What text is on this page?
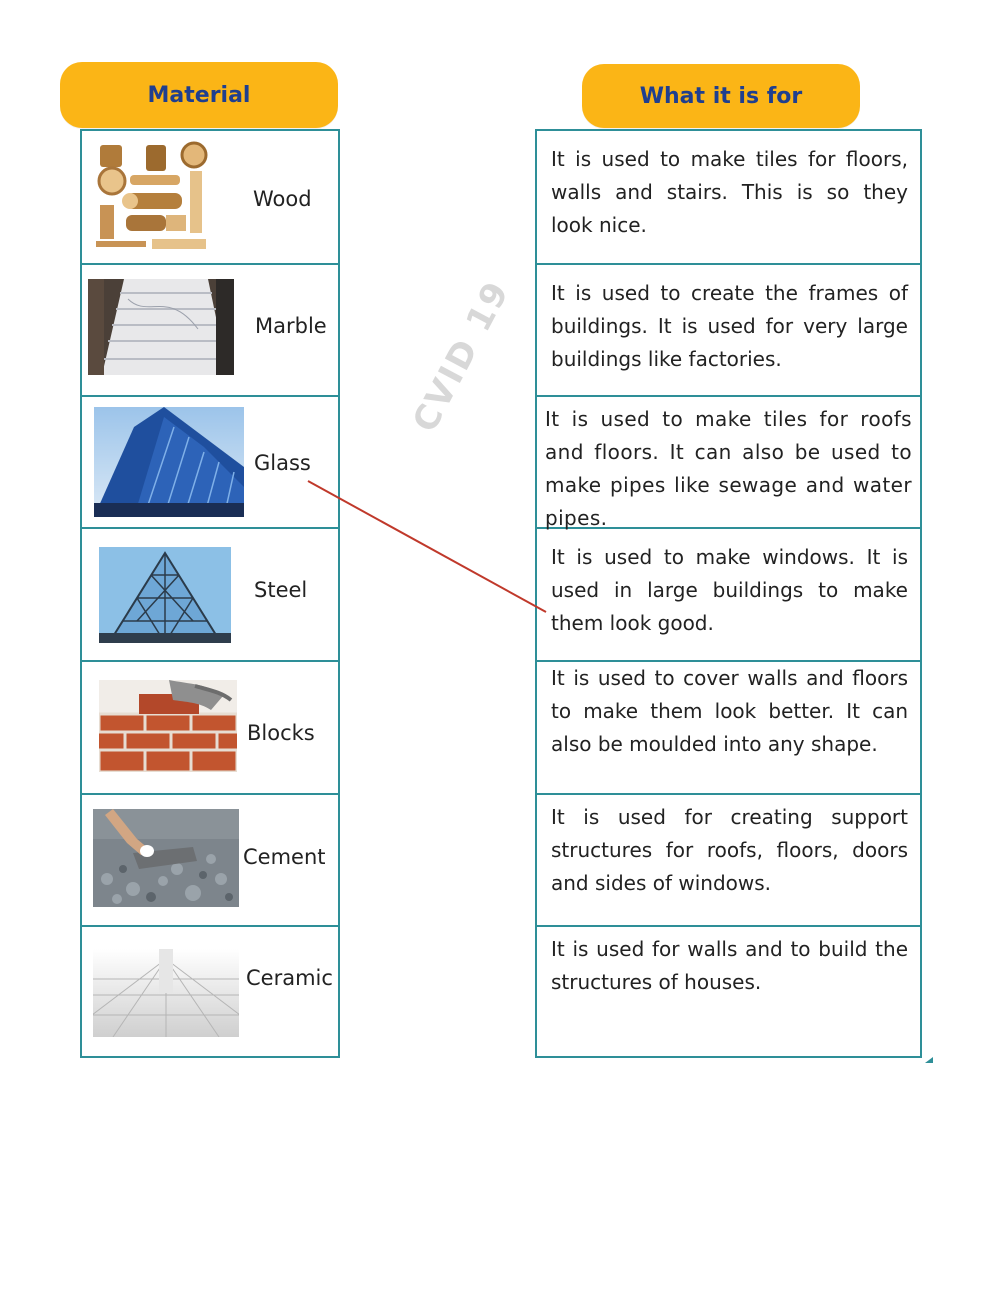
Material	What it is for
Wood
Marble
Glass
Steel
Blocks
Cement
Ceramic
It is used to make tiles for floors, walls and stairs. This is so they look nice.
It is used to create the frames of buildings. It is used for very large buildings like factories.
It is used to make tiles for roofs and floors. It can also be used to make pipes like sewage and water pipes.
It is used to make windows. It is used in large buildings to make them look good.
It is used to cover walls and floors to make them look better. It can also be moulded into any shape.
It is used for creating support structures for roofs, floors, doors and sides of windows.
It is used for walls and to build the structures of houses.
CVID 19
